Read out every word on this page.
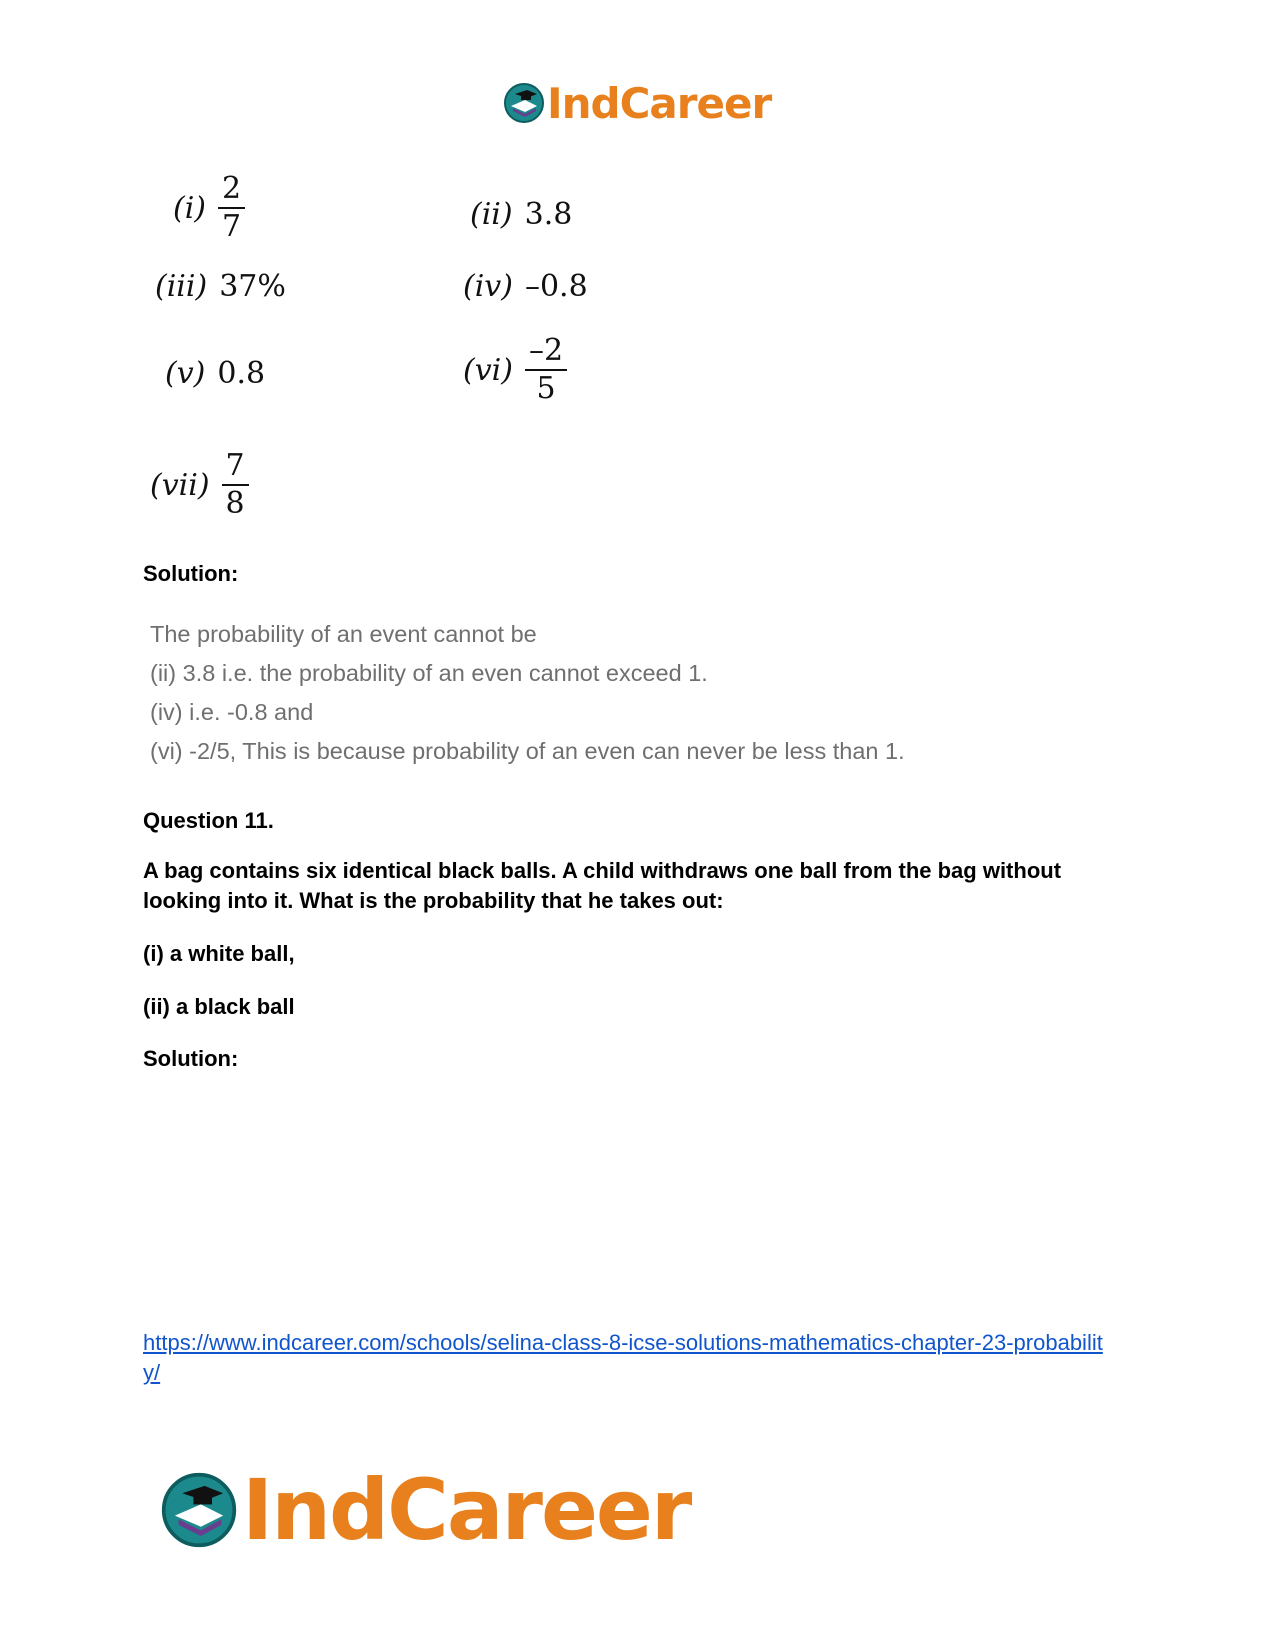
IndCareer
$(i) \frac{2}{7}$	(ii) 3.8
(iii) 37%	(iv) –0.8
(v) 0.8	$(vi) \frac{-2}{5}$
$(vii) \frac{7}{8}$
Solution:
The probability of an event cannot be
(ii) 3.8 i.e. the probability of an even cannot exceed 1.
(iv) i.e. -0.8 and
(vi) -2/5, This is because probability of an even can never be less than 1.
Question 11.
A bag contains six identical black balls. A child withdraws one ball from the bag without looking into it. What is the probability that he takes out:
(i) a white ball,
(ii) a black ball
Solution:
https://www.indcareer.com/schools/selina-class-8-icse-solutions-mathematics-chapter-23-probability/
IndCareer
